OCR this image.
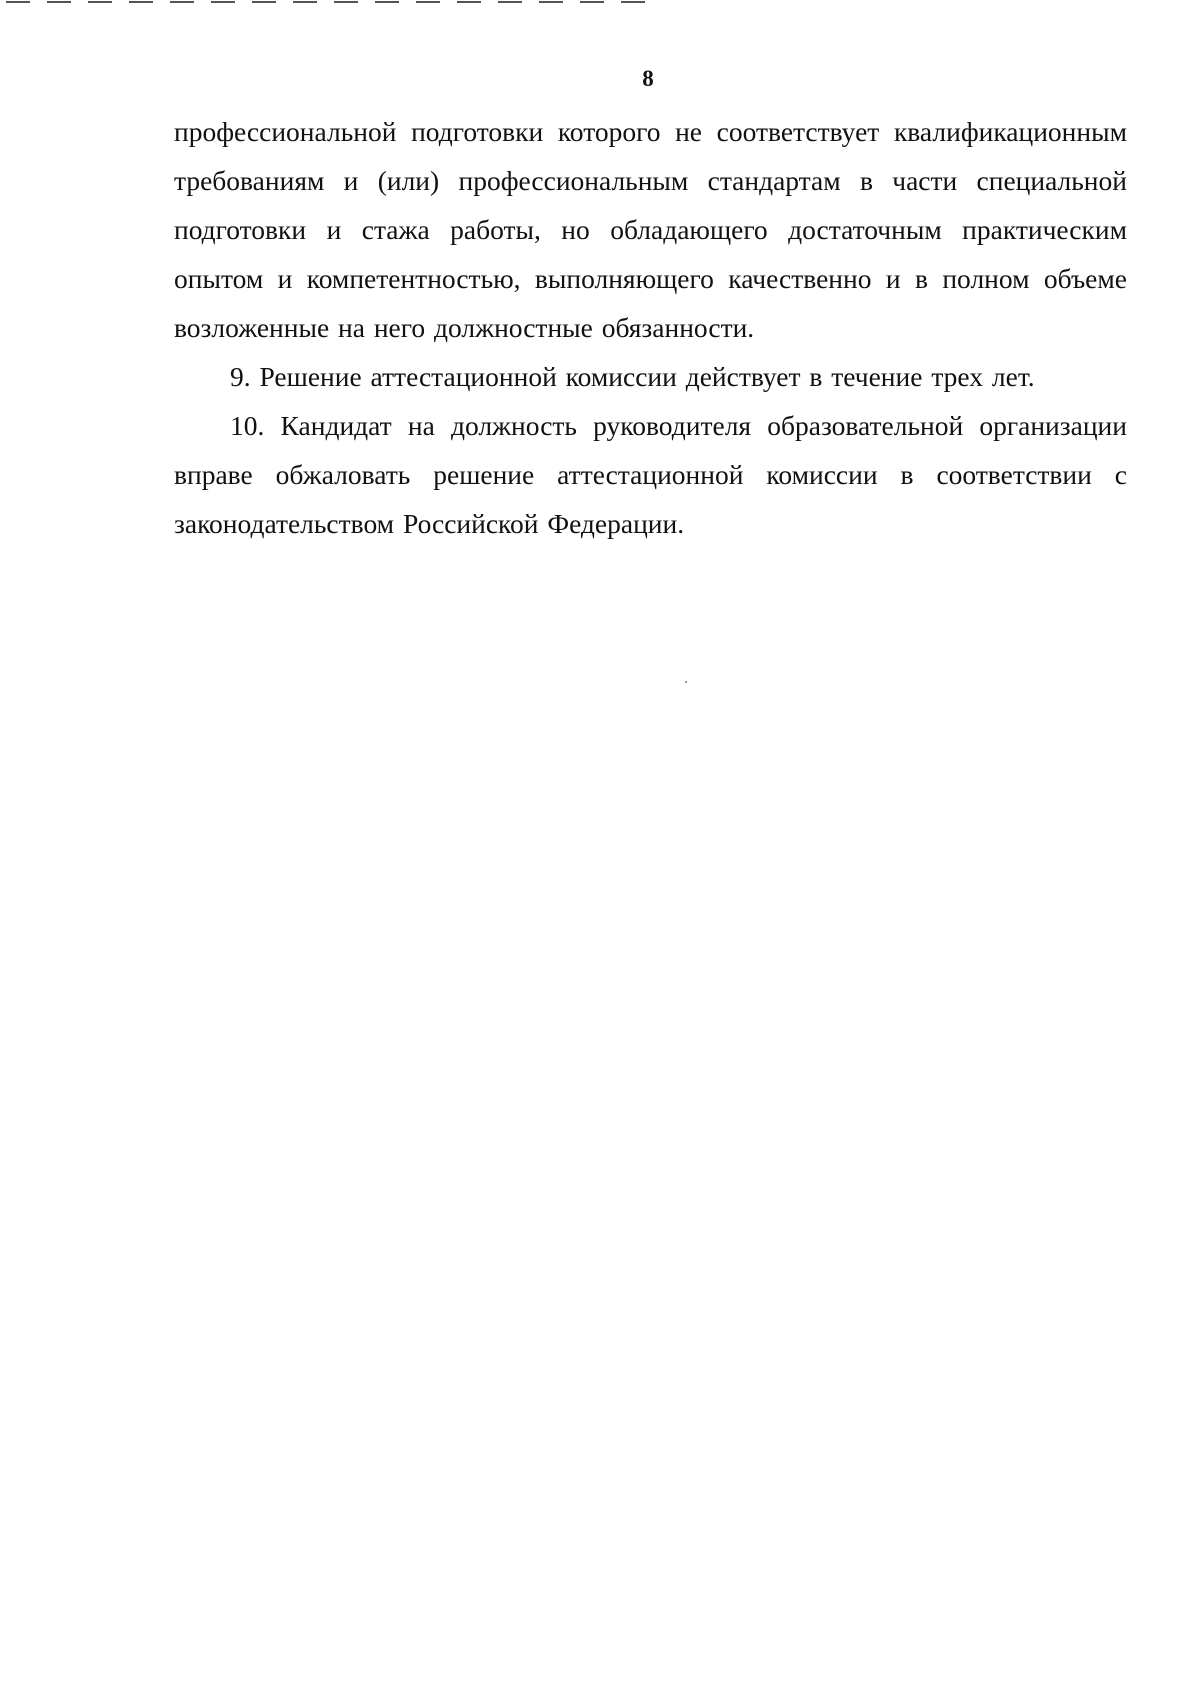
8

профессиональной подготовки которого не соответствует квалификационным требованиям и (или) профессиональным стандартам в части специальной подготовки и стажа работы, но обладающего достаточным практическим опытом и компетентностью, выполняющего качественно и в полном объеме возложенные на него должностные обязанности.

9. Решение аттестационной комиссии действует в течение трех лет.

10. Кандидат на должность руководителя образовательной организации вправе обжаловать решение аттестационной комиссии в соответствии с законодательством Российской Федерации.
